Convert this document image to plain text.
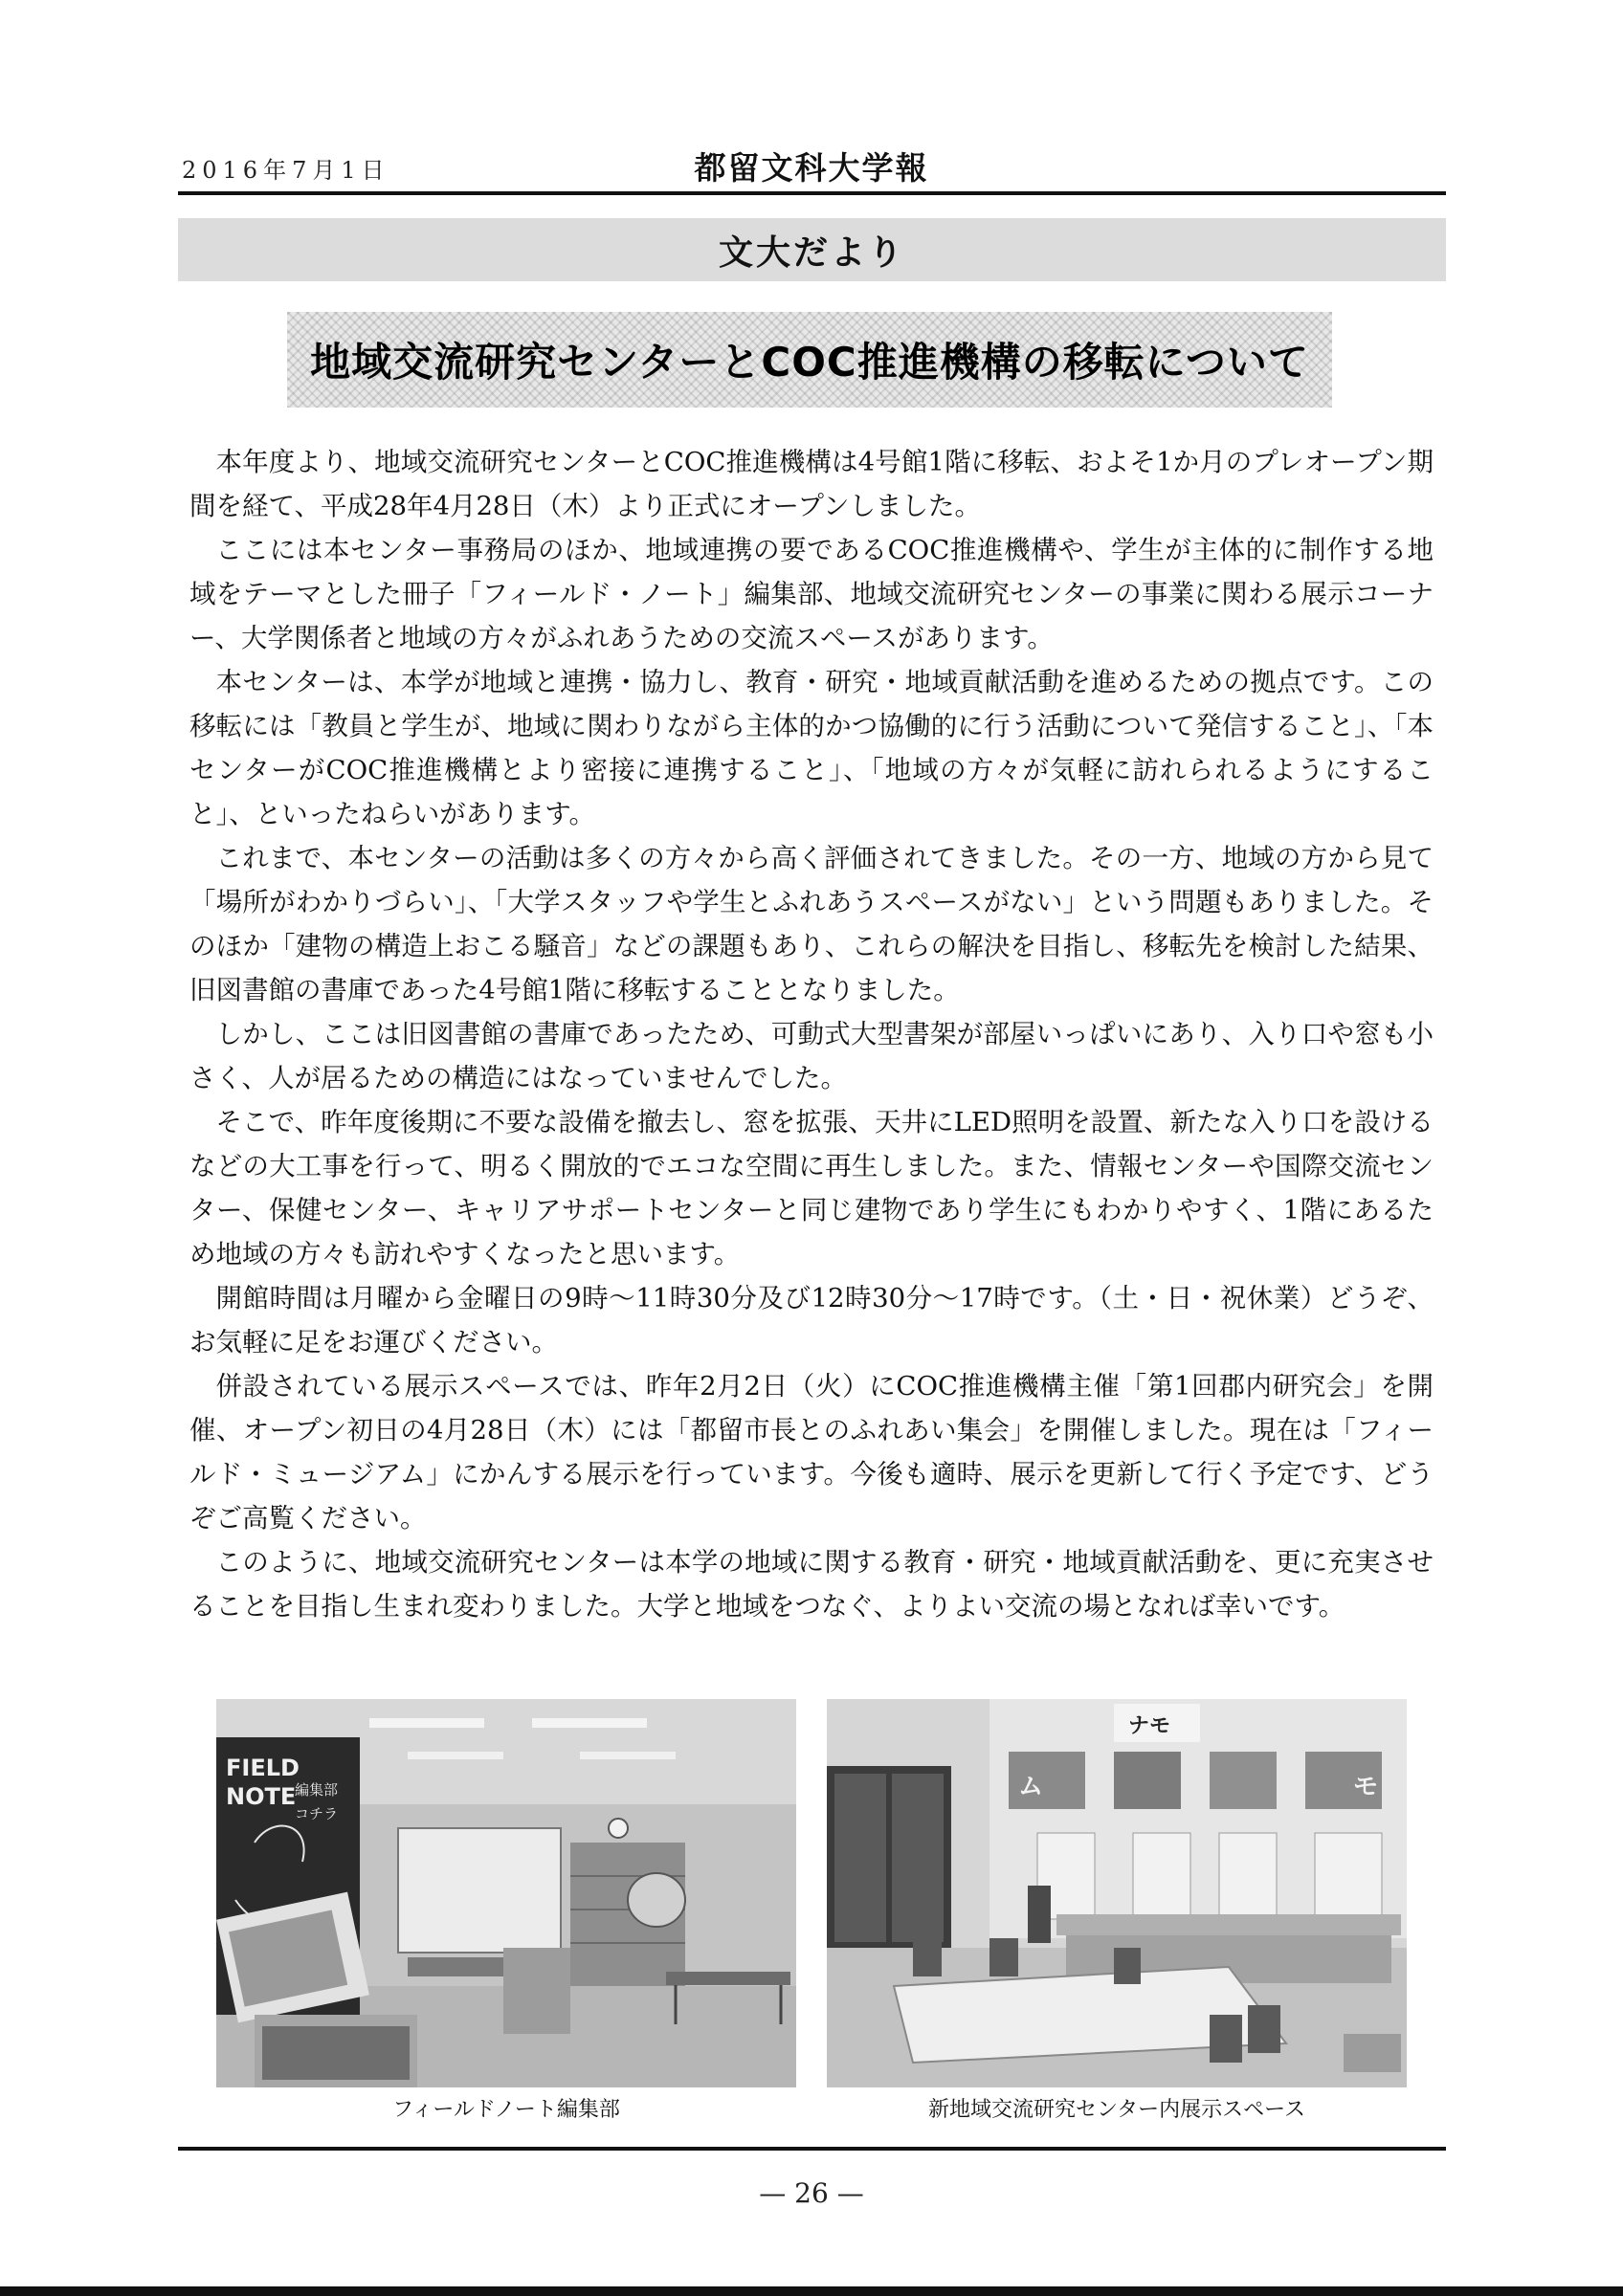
2016年7月1日	都留文科大学報
文大だより
地域交流研究センターとCOC推進機構の移転について

本年度より、地域交流研究センターとCOC推進機構は4号館1階に移転、およそ1か月のプレオープン期間を経て、平成28年4月28日（木）より正式にオープンしました。

ここには本センター事務局のほか、地域連携の要であるCOC推進機構や、学生が主体的に制作する地域をテーマとした冊子「フィールド・ノート」編集部、地域交流研究センターの事業に関わる展示コーナー、大学関係者と地域の方々がふれあうための交流スペースがあります。

本センターは、本学が地域と連携・協力し、教育・研究・地域貢献活動を進めるための拠点です。この移転には「教員と学生が、地域に関わりながら主体的かつ協働的に行う活動について発信すること」、「本センターがCOC推進機構とより密接に連携すること」、「地域の方々が気軽に訪れられるようにすること」、といったねらいがあります。

これまで、本センターの活動は多くの方々から高く評価されてきました。その一方、地域の方から見て「場所がわかりづらい」、「大学スタッフや学生とふれあうスペースがない」という問題もありました。そのほか「建物の構造上おこる騒音」などの課題もあり、これらの解決を目指し、移転先を検討した結果、旧図書館の書庫であった4号館1階に移転することとなりました。

しかし、ここは旧図書館の書庫であったため、可動式大型書架が部屋いっぱいにあり、入り口や窓も小さく、人が居るための構造にはなっていませんでした。

そこで、昨年度後期に不要な設備を撤去し、窓を拡張、天井にLED照明を設置、新たな入り口を設けるなどの大工事を行って、明るく開放的でエコな空間に再生しました。また、情報センターや国際交流センター、保健センター、キャリアサポートセンターと同じ建物であり学生にもわかりやすく、1階にあるため地域の方々も訪れやすくなったと思います。

開館時間は月曜から金曜日の9時～11時30分及び12時30分～17時です。（土・日・祝休業）どうぞ、お気軽に足をお運びください。

併設されている展示スペースでは、昨年2月2日（火）にCOC推進機構主催「第1回郡内研究会」を開催、オープン初日の4月28日（木）には「都留市長とのふれあい集会」を開催しました。現在は「フィールド・ミュージアム」にかんする展示を行っています。今後も適時、展示を更新して行く予定です、どうぞご高覧ください。

このように、地域交流研究センターは本学の地域に関する教育・研究・地域貢献活動を、更に充実させることを目指し生まれ変わりました。大学と地域をつなぐ、よりよい交流の場となれば幸いです。

FIELD
NOTE
編集部
コチラ
ナモ
ム	モ
フィールドノート編集部	新地域交流研究センター内展示スペース
— 26 —
